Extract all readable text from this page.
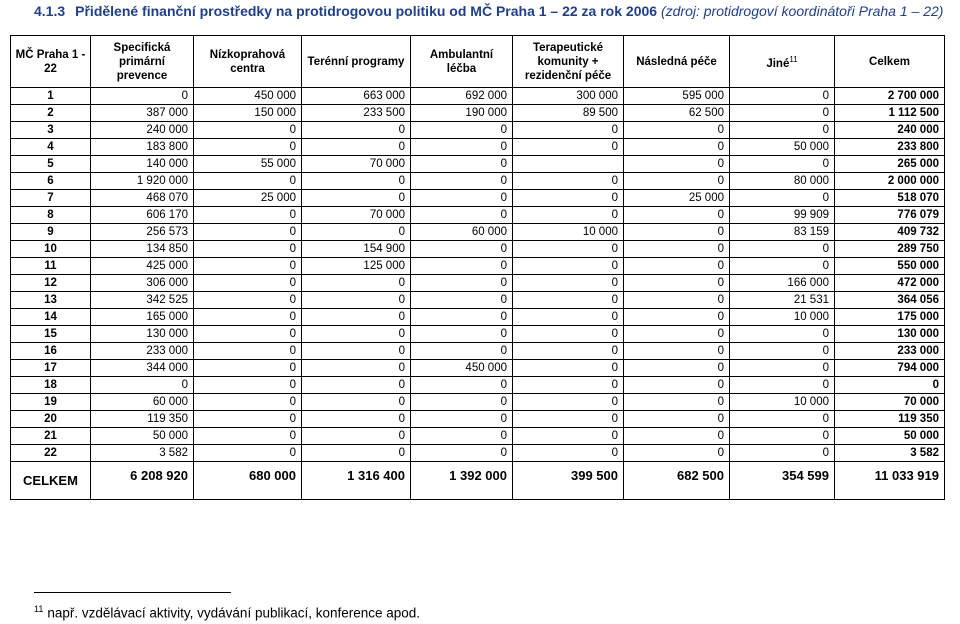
4.1.3 Přidělené finanční prostředky na protidrogovou politiku od MČ Praha 1 – 22 za rok 2006 (zdroj: protidrogoví koordinátoři Praha 1 – 22)
MČ Praha 1 - 22	Specifická primární prevence	Nízkoprahová centra	Terénní programy	Ambulantní léčba	Terapeutické komunity + rezidenční péče	Následná péče	Jiné$^{11}$	Celkem
1	0	450 000	663 000	692 000	300 000	595 000	0	2 700 000
2	387 000	150 000	233 500	190 000	89 500	62 500	0	1 112 500
3	240 000	0	0	0	0	0	0	240 000
4	183 800	0	0	0	0	0	50 000	233 800
5	140 000	55 000	70 000	0		0	0	265 000
6	1 920 000	0	0	0	0	0	80 000	2 000 000
7	468 070	25 000	0	0	0	25 000	0	518 070
8	606 170	0	70 000	0	0	0	99 909	776 079
9	256 573	0	0	60 000	10 000	0	83 159	409 732
10	134 850	0	154 900	0	0	0	0	289 750
11	425 000	0	125 000	0	0	0	0	550 000
12	306 000	0	0	0	0	0	166 000	472 000
13	342 525	0	0	0	0	0	21 531	364 056
14	165 000	0	0	0	0	0	10 000	175 000
15	130 000	0	0	0	0	0	0	130 000
16	233 000	0	0	0	0	0	0	233 000
17	344 000	0	0	450 000	0	0	0	794 000
18	0	0	0	0	0	0	0	0
19	60 000	0	0	0	0	0	10 000	70 000
20	119 350	0	0	0	0	0	0	119 350
21	50 000	0	0	0	0	0	0	50 000
22	3 582	0	0	0	0	0	0	3 582
CELKEM	6 208 920	680 000	1 316 400	1 392 000	399 500	682 500	354 599	11 033 919
$^{11}$ např. vzdělávací aktivity, vydávání publikací, konference apod.
